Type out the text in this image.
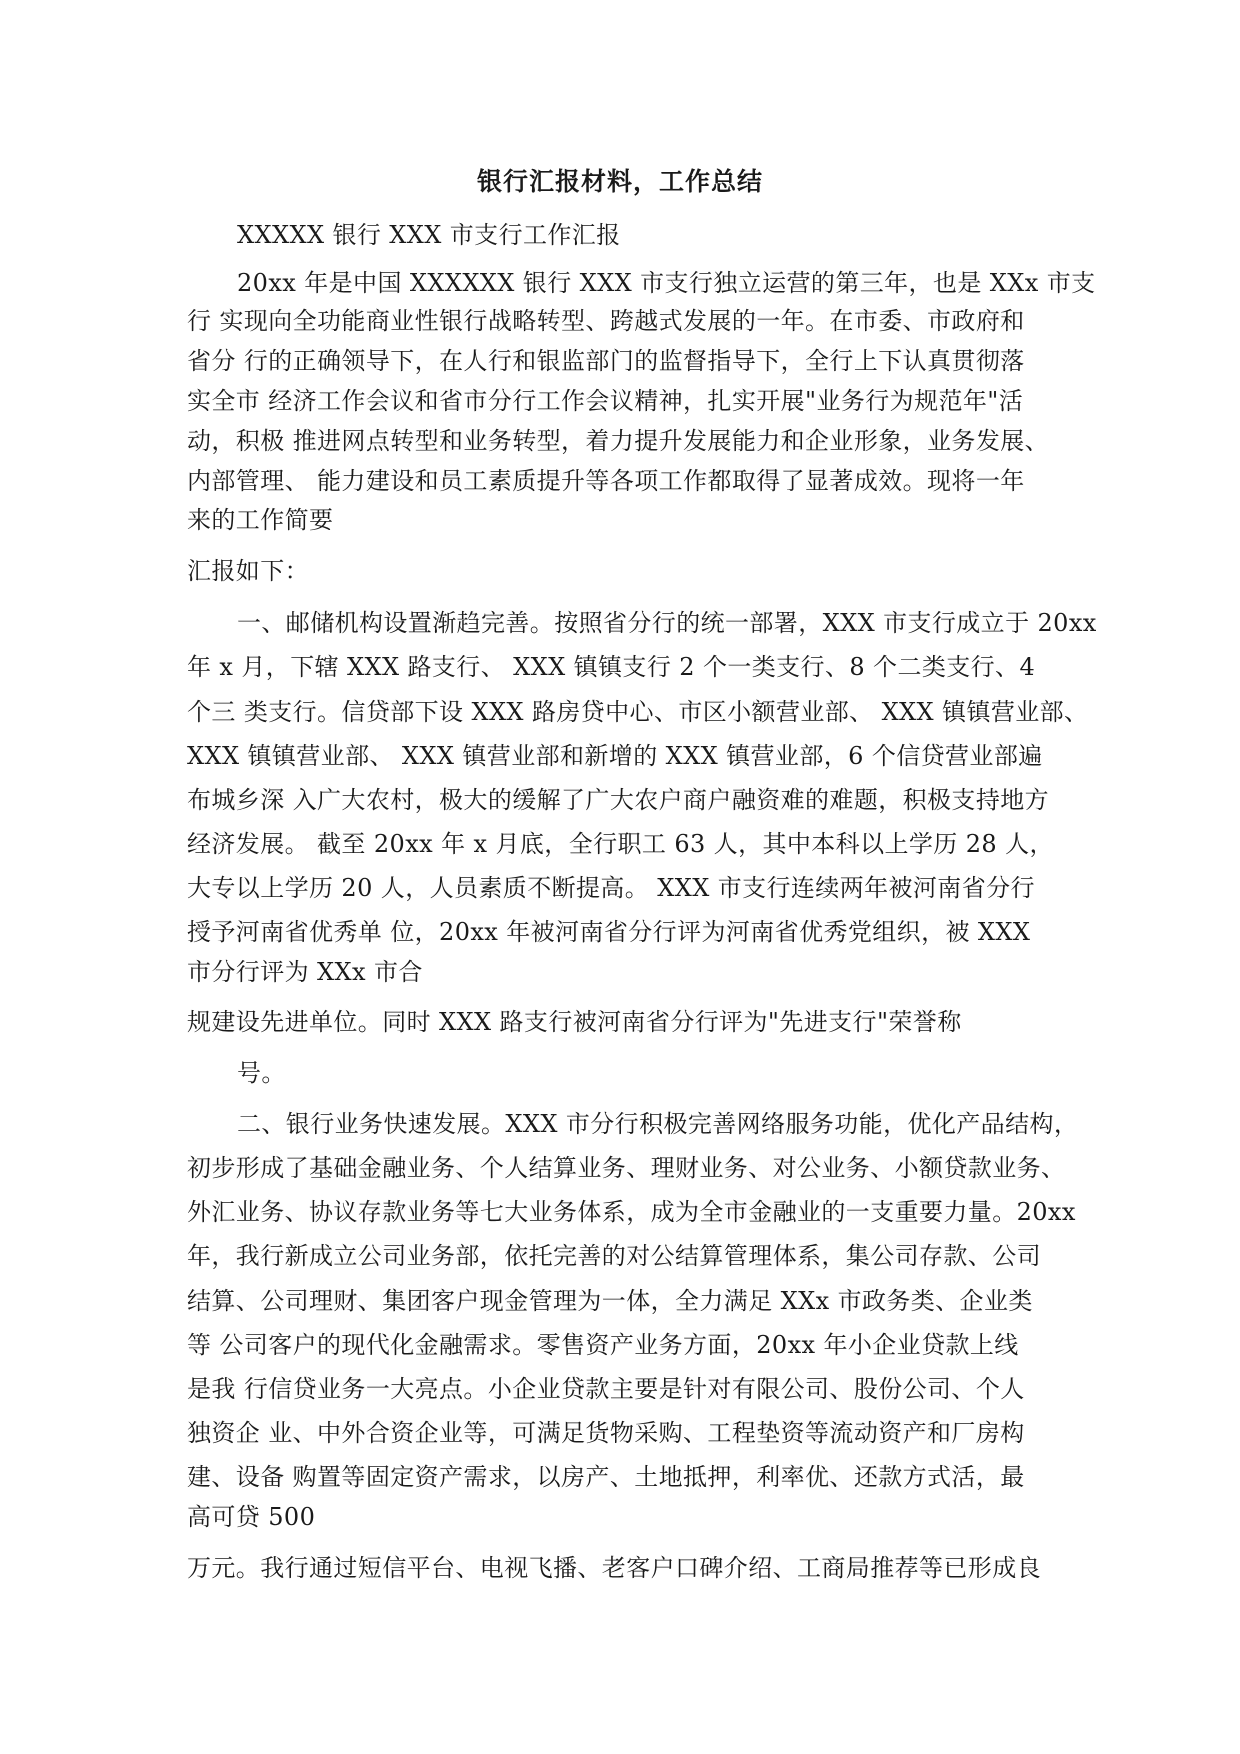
银行汇报材料，工作总结
XXXXX 银行 XXX 市支行工作汇报
20xx 年是中国 XXXXXX 银行 XXX 市支行独立运营的第三年，也是 XXx 市支
行 实现向全功能商业性银行战略转型、跨越式发展的一年。在市委、市政府和
省分 行的正确领导下，在人行和银监部门的监督指导下，全行上下认真贯彻落
实全市 经济工作会议和省市分行工作会议精神，扎实开展"业务行为规范年"活
动，积极 推进网点转型和业务转型，着力提升发展能力和企业形象，业务发展、
内部管理、 能力建设和员工素质提升等各项工作都取得了显著成效。现将一年
来的工作简要
汇报如下：
一、邮储机构设置渐趋完善。按照省分行的统一部署，XXX 市支行成立于 20xx
年 x 月，下辖 XXX 路支行、 XXX 镇镇支行 2 个一类支行、8 个二类支行、4
个三 类支行。信贷部下设 XXX 路房贷中心、市区小额营业部、 XXX 镇镇营业部、
XXX 镇镇营业部、 XXX 镇营业部和新增的 XXX 镇营业部，6 个信贷营业部遍
布城乡深 入广大农村，极大的缓解了广大农户商户融资难的难题，积极支持地方
经济发展。 截至 20xx 年 x 月底，全行职工 63 人，其中本科以上学历 28 人，
大专以上学历 20 人，人员素质不断提高。 XXX 市支行连续两年被河南省分行
授予河南省优秀单 位，20xx 年被河南省分行评为河南省优秀党组织，被 XXX
市分行评为 XXx 市合
规建设先进单位。同时 XXX 路支行被河南省分行评为"先进支行"荣誉称
号。
二、银行业务快速发展。XXX 市分行积极完善网络服务功能，优化产品结构，
初步形成了基础金融业务、个人结算业务、理财业务、对公业务、小额贷款业务、
外汇业务、协议存款业务等七大业务体系，成为全市金融业的一支重要力量。20xx
年，我行新成立公司业务部，依托完善的对公结算管理体系，集公司存款、公司
结算、公司理财、集团客户现金管理为一体，全力满足 XXx 市政务类、企业类
等 公司客户的现代化金融需求。零售资产业务方面，20xx 年小企业贷款上线
是我 行信贷业务一大亮点。小企业贷款主要是针对有限公司、股份公司、个人
独资企 业、中外合资企业等，可满足货物采购、工程垫资等流动资产和厂房构
建、设备 购置等固定资产需求，以房产、土地抵押，利率优、还款方式活，最
高可贷 500
万元。我行通过短信平台、电视飞播、老客户口碑介绍、工商局推荐等已形成良
